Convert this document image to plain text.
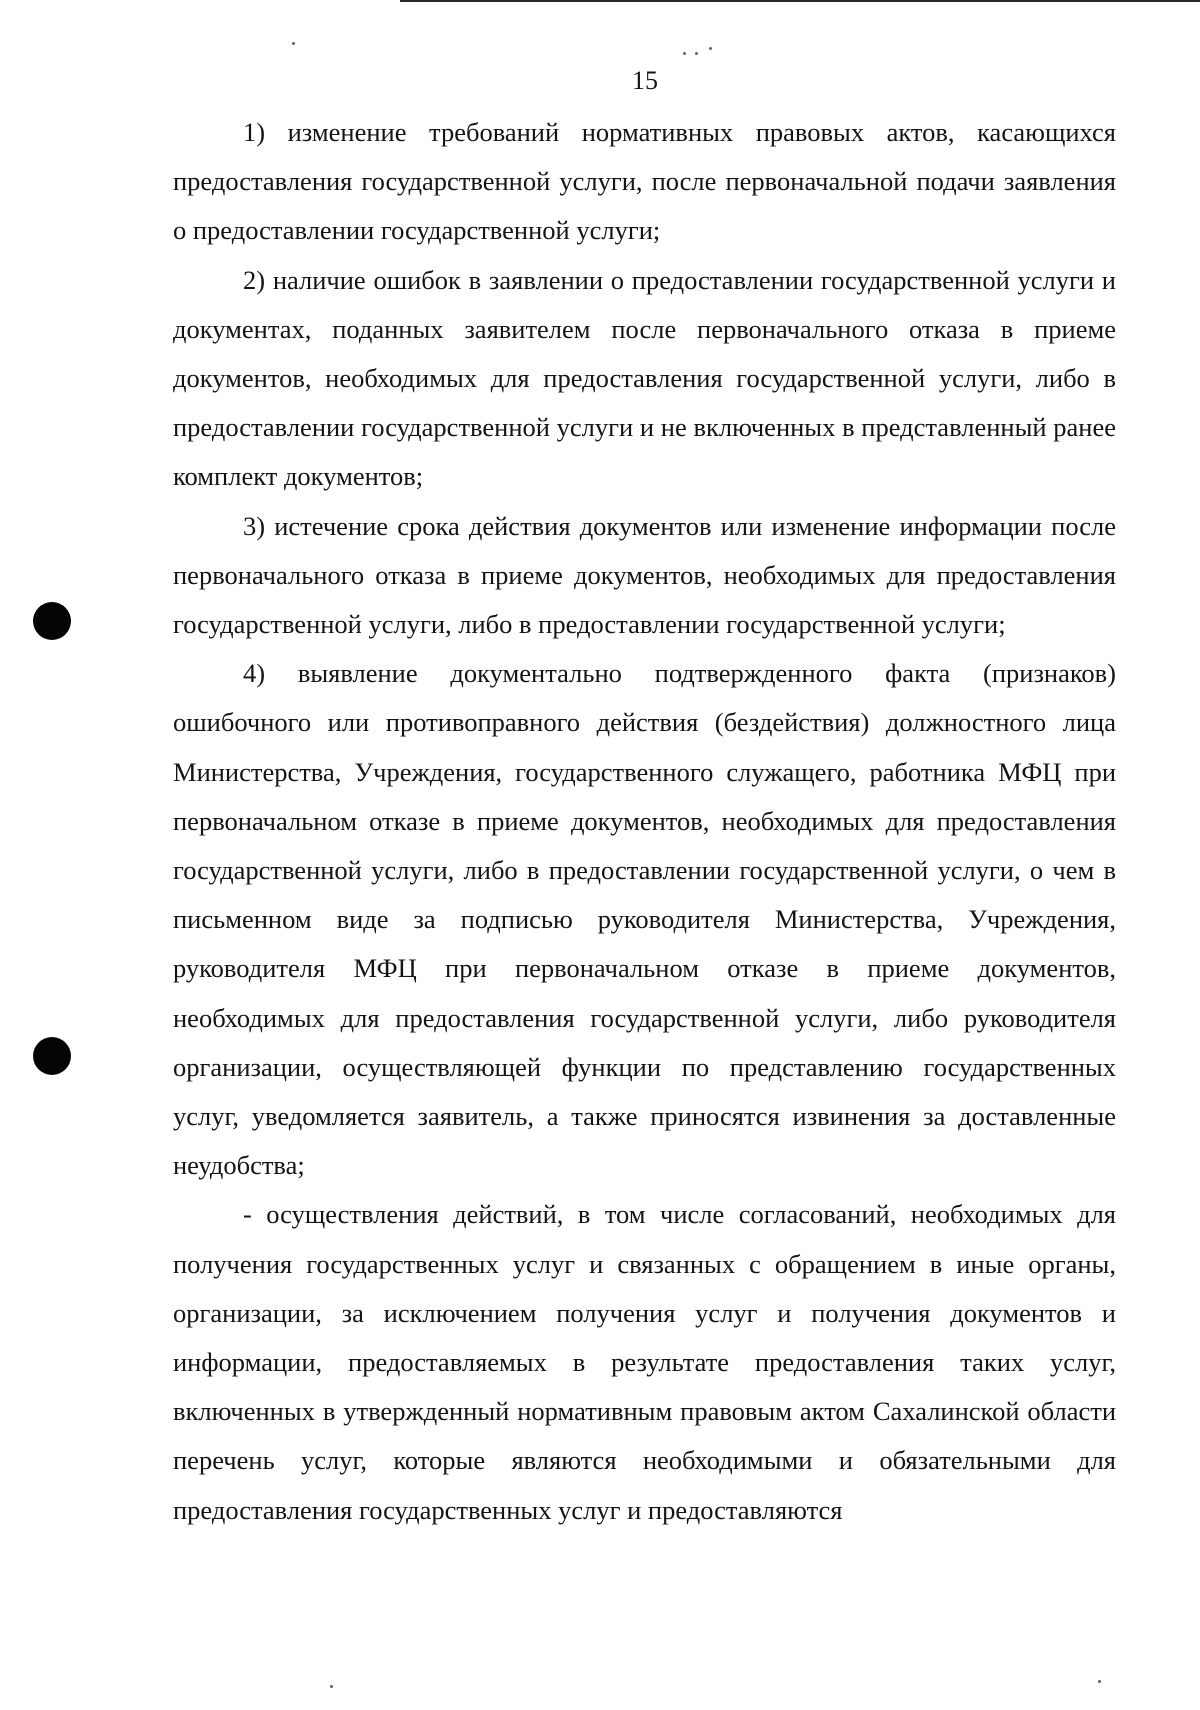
15

1) изменение требований нормативных правовых актов, касающихся предоставления государственной услуги, после первоначальной подачи заявления о предоставлении государственной услуги;

2) наличие ошибок в заявлении о предоставлении государственной услуги и документах, поданных заявителем после первоначального отказа в приеме документов, необходимых для предоставления государственной услуги, либо в предоставлении государственной услуги и не включенных в представленный ранее комплект документов;

3) истечение срока действия документов или изменение информации после первоначального отказа в приеме документов, необходимых для предоставления государственной услуги, либо в предоставлении государственной услуги;

4) выявление документально подтвержденного факта (признаков) ошибочного или противоправного действия (бездействия) должностного лица Министерства, Учреждения, государственного служащего, работника МФЦ при первоначальном отказе в приеме документов, необходимых для предоставления государственной услуги, либо в предоставлении государственной услуги, о чем в письменном виде за подписью руководителя Министерства, Учреждения, руководителя МФЦ при первоначальном отказе в приеме документов, необходимых для предоставления государственной услуги, либо руководителя организации, осуществляющей функции по представлению государственных услуг, уведомляется заявитель, а также приносятся извинения за доставленные неудобства;

- осуществления действий, в том числе согласований, необходимых для получения государственных услуг и связанных с обращением в иные органы, организации, за исключением получения услуг и получения документов и информации, предоставляемых в результате предоставления таких услуг, включенных в утвержденный нормативным правовым актом Сахалинской области перечень услуг, которые являются необходимыми и обязательными для предоставления государственных услуг и предоставляются
